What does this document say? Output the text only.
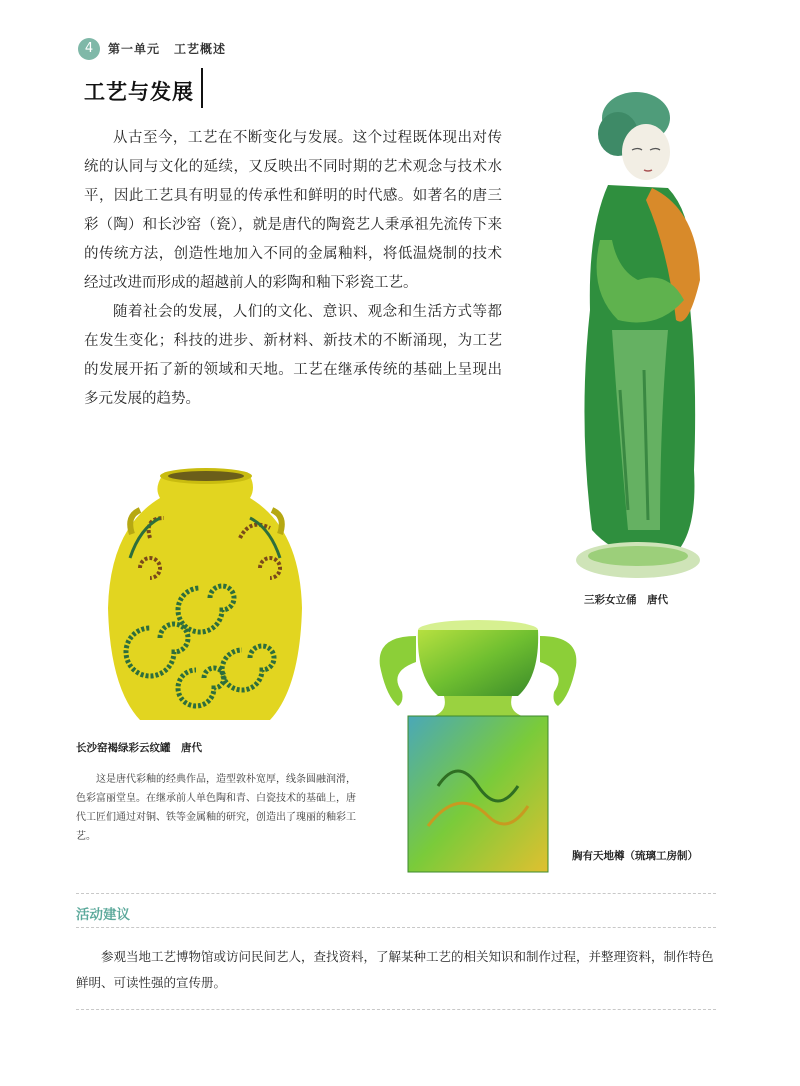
4	第一单元 工艺概述
工艺与发展

从古至今，工艺在不断变化与发展。这个过程既体现出对传统的认同与文化的延续，又反映出不同时期的艺术观念与技术水平，因此工艺具有明显的传承性和鲜明的时代感。如著名的唐三彩（陶）和长沙窑（瓷），就是唐代的陶瓷艺人秉承祖先流传下来的传统方法，创造性地加入不同的金属釉料，将低温烧制的技术经过改进而形成的超越前人的彩陶和釉下彩瓷工艺。

随着社会的发展，人们的文化、意识、观念和生活方式等都在发生变化；科技的进步、新材料、新技术的不断涌现，为工艺的发展开拓了新的领域和天地。工艺在继承传统的基础上呈现出多元发展的趋势。

三彩女立俑　唐代
长沙窑褐绿彩云纹罐　唐代

这是唐代彩釉的经典作品，造型敦朴宽厚，线条圆融润滑，色彩富丽堂皇。在继承前人单色陶和青、白瓷技术的基础上，唐代工匠们通过对铜、铁等金属釉的研究，创造出了瑰丽的釉彩工艺。

胸有天地樽（琉璃工房制）
活动建议

参观当地工艺博物馆或访问民间艺人，查找资料，了解某种工艺的相关知识和制作过程，并整理资料，制作特色鲜明、可读性强的宣传册。
